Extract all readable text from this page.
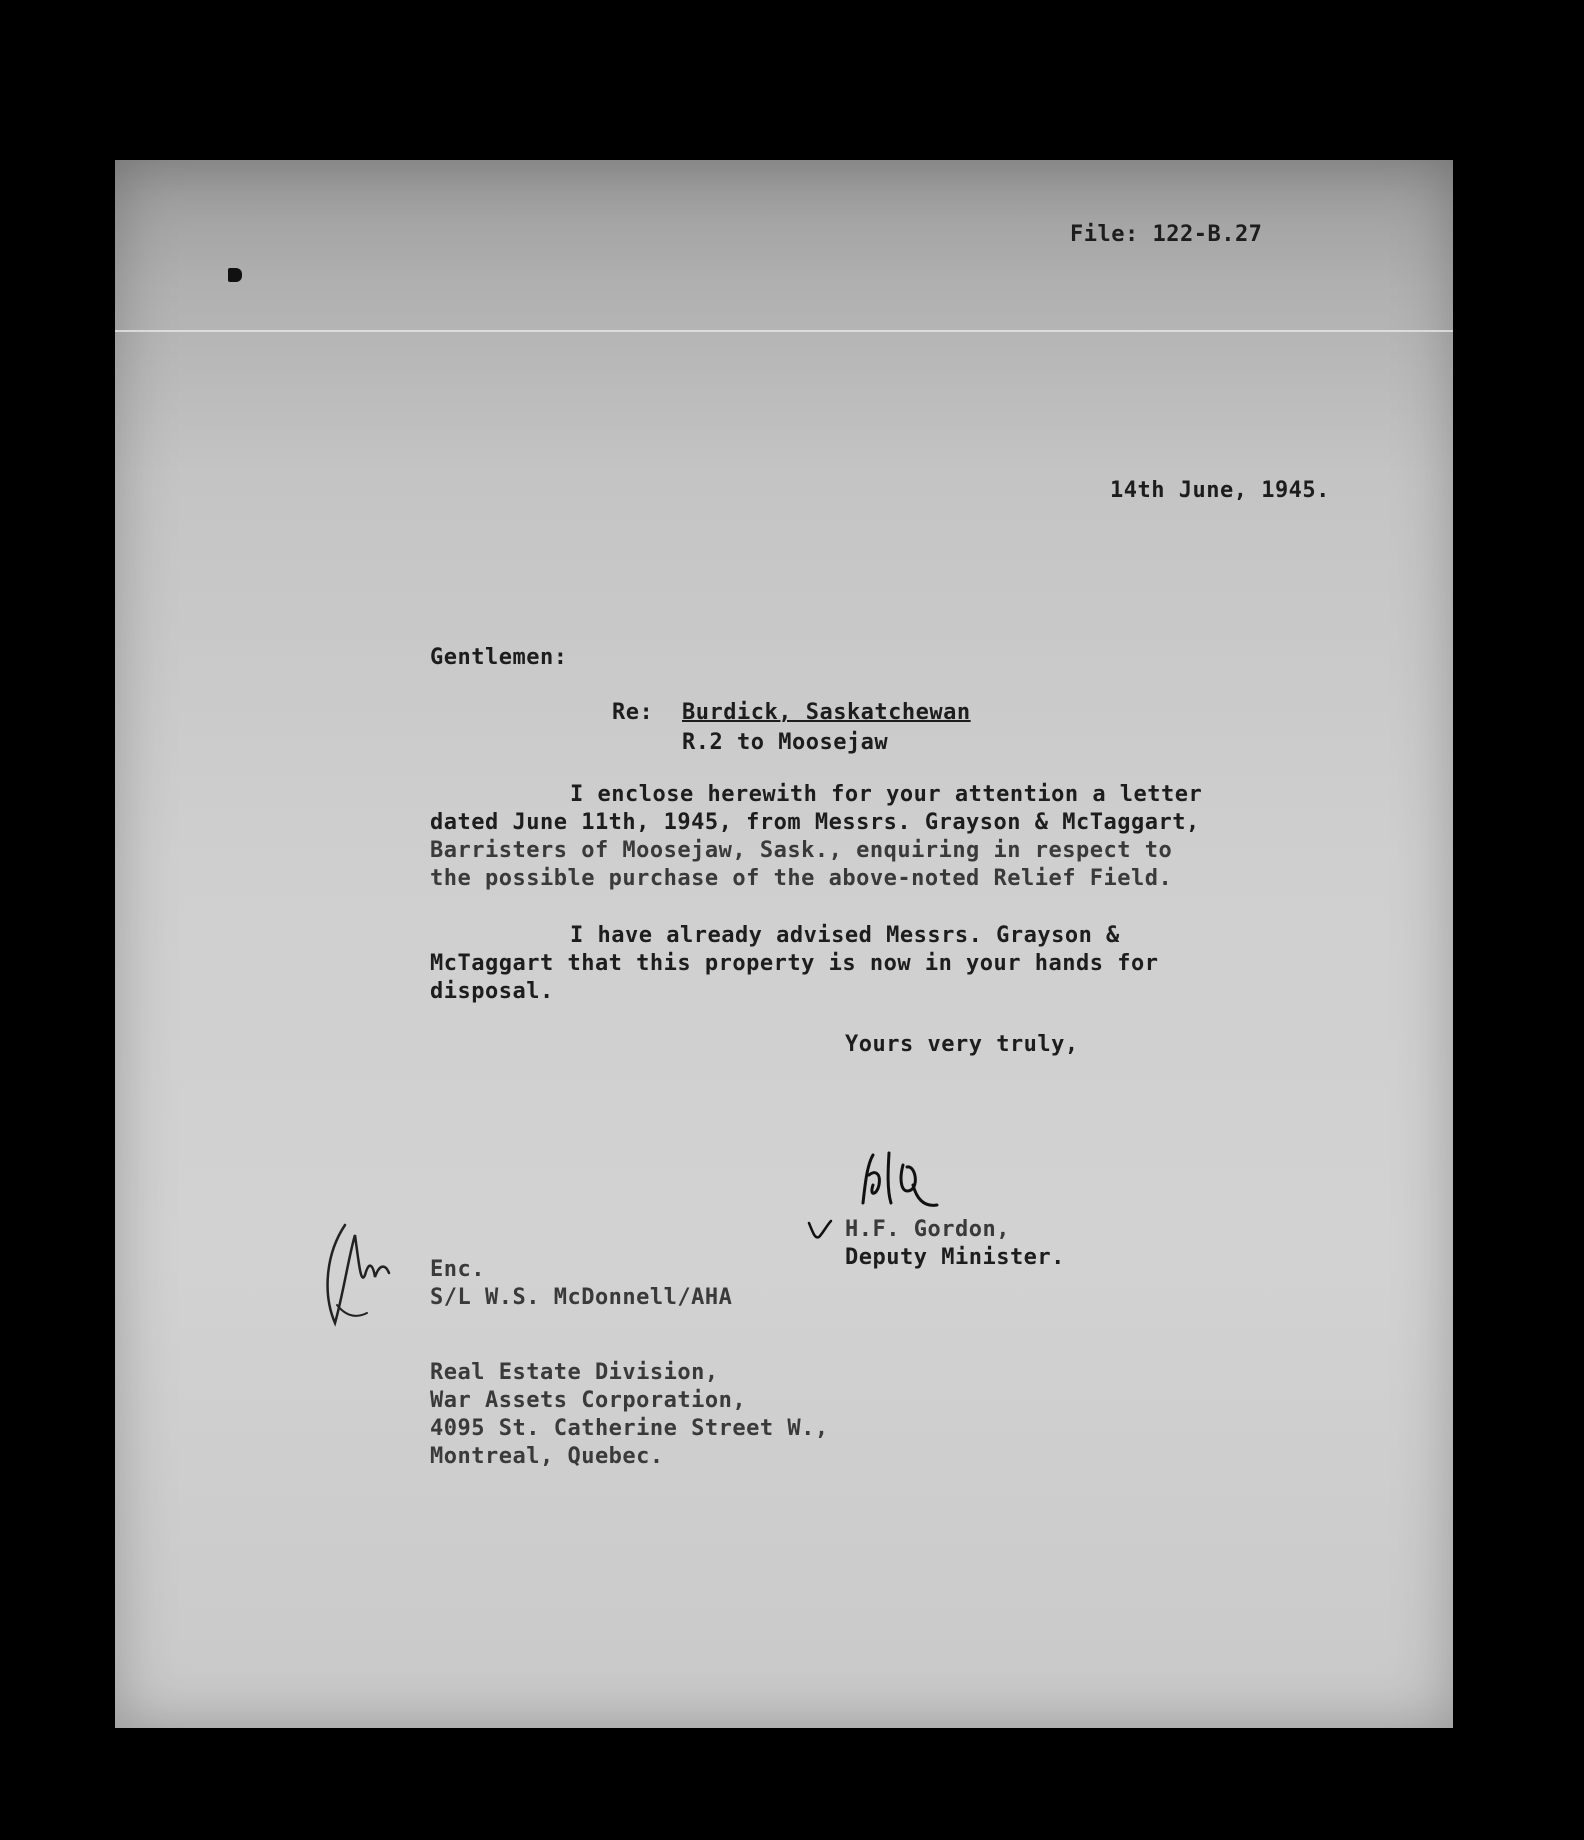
File: 122-B.27
14th June, 1945.
Gentlemen:
Re: Burdick, Saskatchewan
R.2 to Moosejaw
I enclose herewith for your attention a letter
dated June 11th, 1945, from Messrs. Grayson & McTaggart,
Barristers of Moosejaw, Sask., enquiring in respect to
the possible purchase of the above-noted Relief Field.
I have already advised Messrs. Grayson &
McTaggart that this property is now in your hands for
disposal.
Yours very truly,
H.F. Gordon,
Deputy Minister.
Enc.
S/L W.S. McDonnell/AHA
Real Estate Division,
War Assets Corporation,
4095 St. Catherine Street W.,
Montreal, Quebec.
